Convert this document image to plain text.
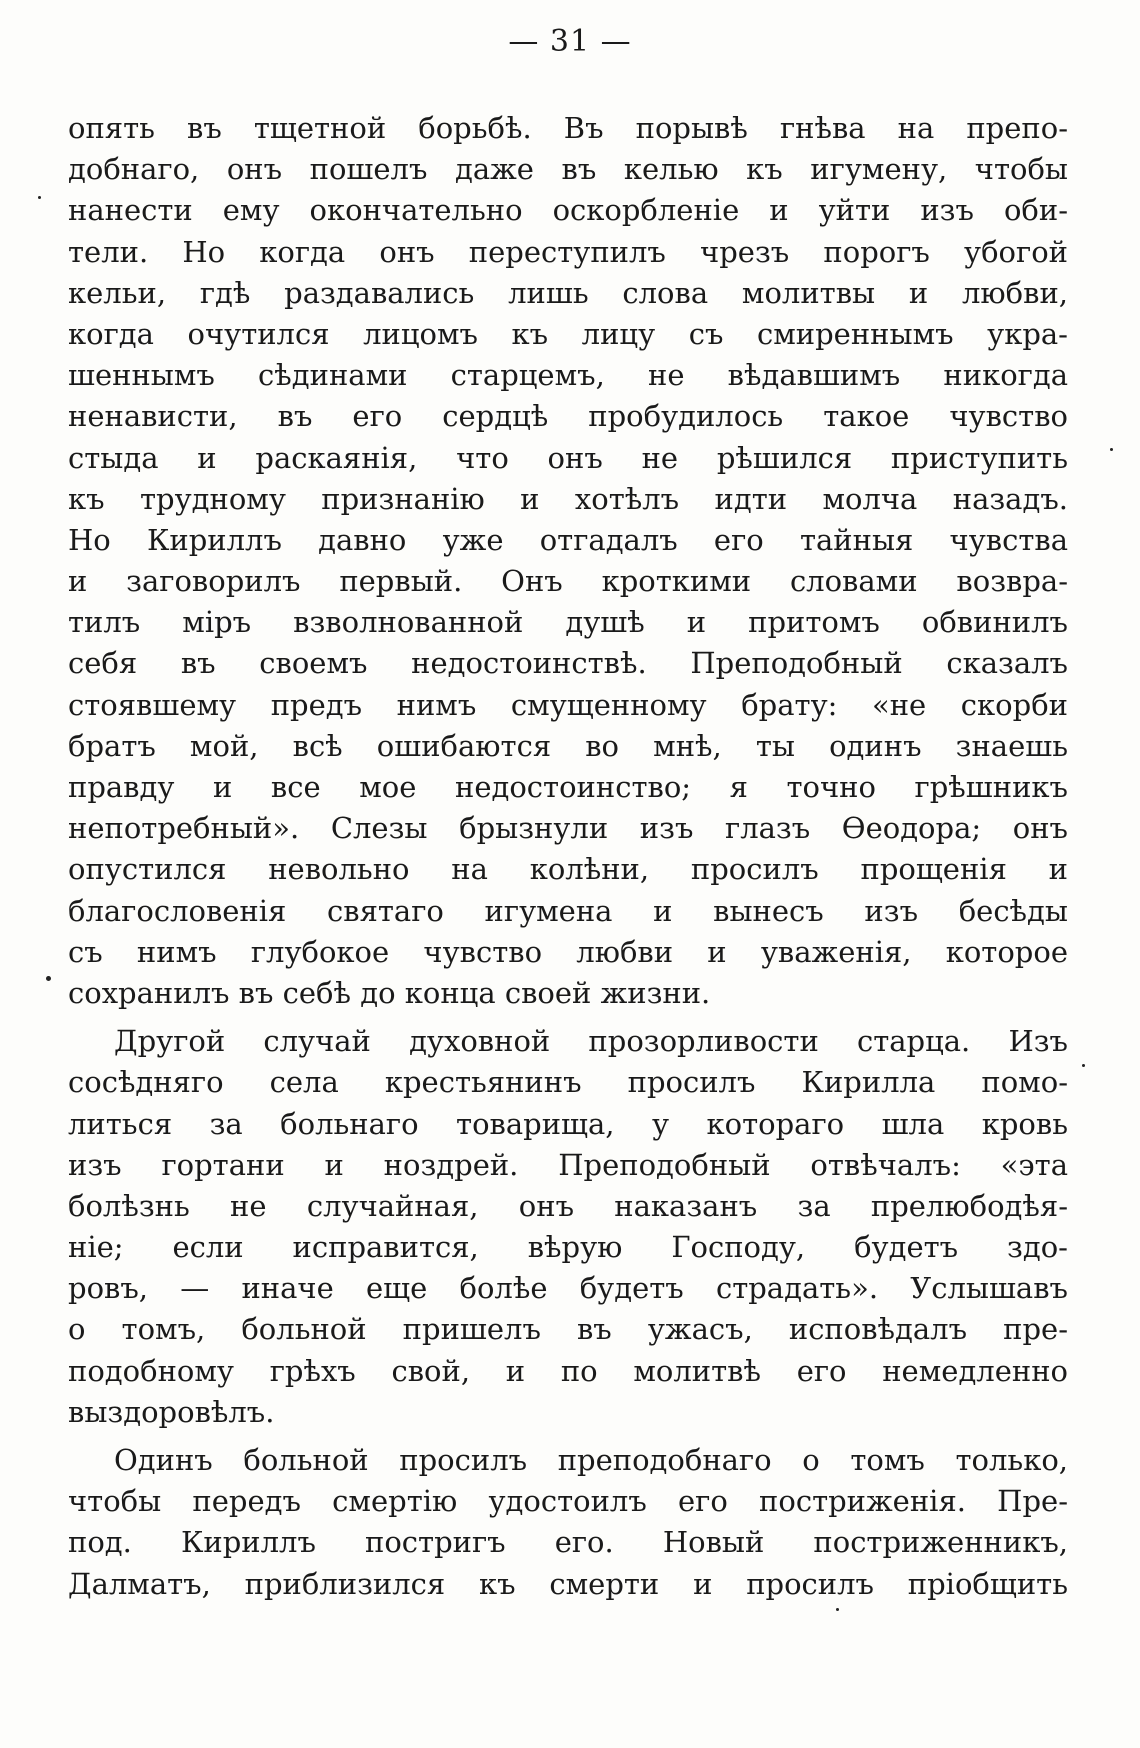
— 31 —
опять въ тщетной борьбѣ. Въ порывѣ гнѣва на препо-
добнаго, онъ пошелъ даже въ келью къ игумену, чтобы
нанести ему окончательно оскорбленіе и уйти изъ оби-
тели. Но когда онъ переступилъ чрезъ порогъ убогой
кельи, гдѣ раздавались лишь слова молитвы и любви,
когда очутился лицомъ къ лицу съ смиреннымъ укра-
шеннымъ сѣдинами старцемъ, не вѣдавшимъ никогда
ненависти, въ его сердцѣ пробудилось такое чувство
стыда и раскаянія, что онъ не рѣшился приступить
къ трудному признанію и хотѣлъ идти молча назадъ.
Но Кириллъ давно уже отгадалъ его тайныя чувства
и заговорилъ первый. Онъ кроткими словами возвра-
тилъ міръ взволнованной душѣ и притомъ обвинилъ
себя въ своемъ недостоинствѣ. Преподобный сказалъ
стоявшему предъ нимъ смущенному брату: «не скорби
братъ мой, всѣ ошибаются во мнѣ, ты одинъ знаешь
правду и все мое недостоинство; я точно грѣшникъ
непотребный». Слезы брызнули изъ глазъ Ѳеодора; онъ
опустился невольно на колѣни, просилъ прощенія и
благословенія святаго игумена и вынесъ изъ бесѣды
съ нимъ глубокое чувство любви и уваженія, которое
сохранилъ въ себѣ до конца своей жизни.
Другой случай духовной прозорливости старца. Изъ
сосѣдняго села крестьянинъ просилъ Кирилла помо-
литься за больнаго товарища, у котораго шла кровь
изъ гортани и ноздрей. Преподобный отвѣчалъ: «эта
болѣзнь не случайная, онъ наказанъ за прелюбодѣя-
ніе; если исправится, вѣрую Господу, будетъ здо-
ровъ, — иначе еще болѣе будетъ страдать». Услышавъ
о томъ, больной пришелъ въ ужасъ, исповѣдалъ пре-
подобному грѣхъ свой, и по молитвѣ его немедленно
выздоровѣлъ.
Одинъ больной просилъ преподобнаго о томъ только,
чтобы передъ смертію удостоилъ его постриженія. Пре-
под. Кириллъ постригъ его. Новый постриженникъ,
Далматъ, приблизился къ смерти и просилъ пріобщить
